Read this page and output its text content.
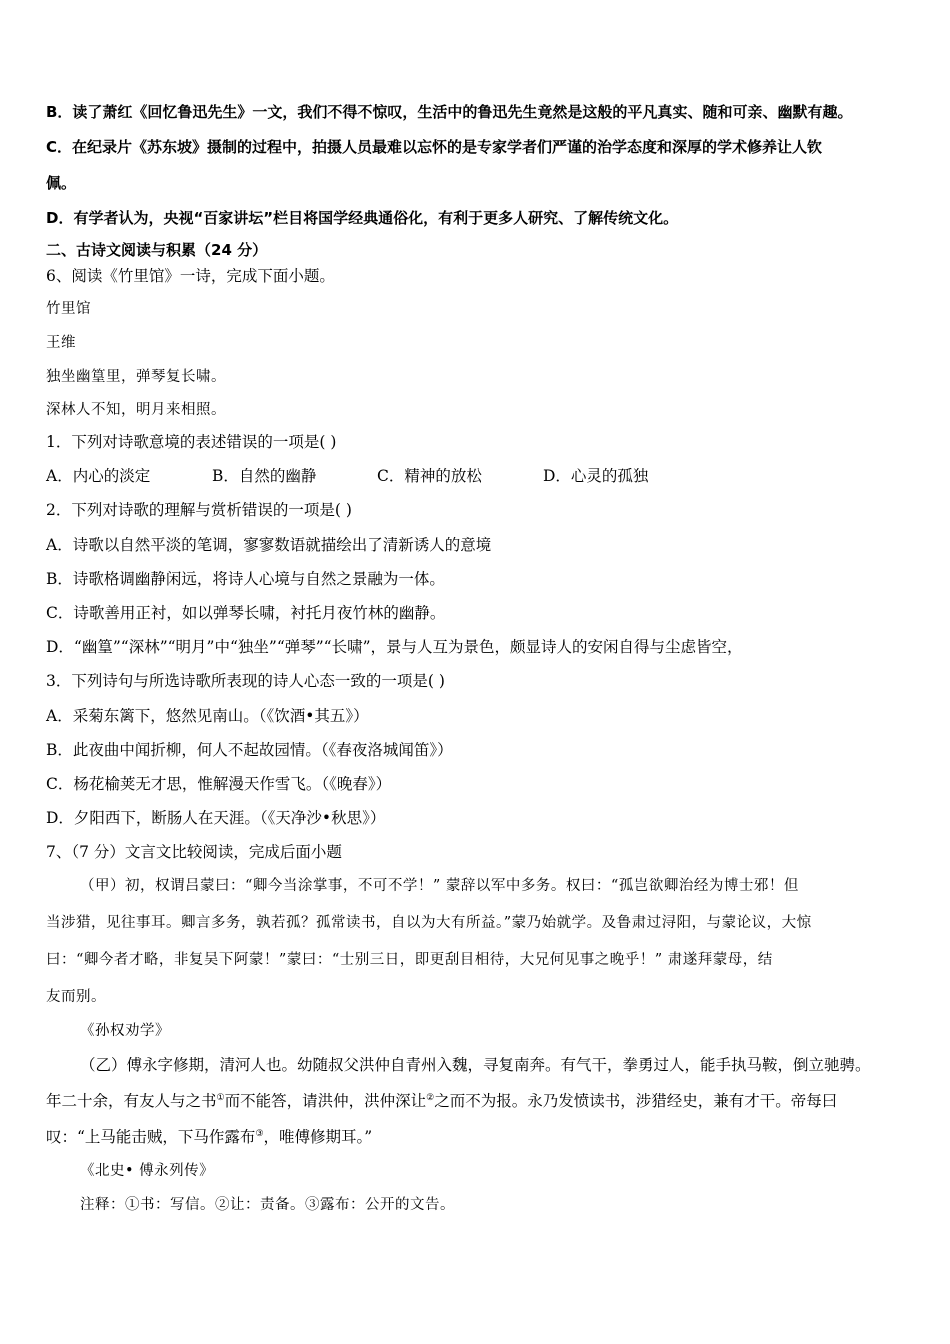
B．读了萧红《回忆鲁迅先生》一文，我们不得不惊叹，生活中的鲁迅先生竟然是这般的平凡真实、随和可亲、幽默有趣。
C．在纪录片《苏东坡》摄制的过程中，拍摄人员最难以忘怀的是专家学者们严谨的治学态度和深厚的学术修养让人钦
佩。
D．有学者认为，央视“百家讲坛”栏目将国学经典通俗化，有利于更多人研究、了解传统文化。
二、古诗文阅读与积累（24 分）
6、阅读《竹里馆》一诗，完成下面小题。
竹里馆
王维
独坐幽篁里，弹琴复长啸。
深林人不知，明月来相照。
1．下列对诗歌意境的表述错误的一项是( )
A．内心的淡定	B．自然的幽静	C．精神的放松	D．心灵的孤独
2．下列对诗歌的理解与赏析错误的一项是( )
A．诗歌以自然平淡的笔调，寥寥数语就描绘出了清新诱人的意境
B．诗歌格调幽静闲远，将诗人心境与自然之景融为一体。
C．诗歌善用正衬，如以弹琴长啸，衬托月夜竹林的幽静。
D．“幽篁”“深林”“明月”中“独坐”“弹琴”“长啸”，景与人互为景色，颇显诗人的安闲自得与尘虑皆空，
3．下列诗句与所选诗歌所表现的诗人心态一致的一项是( )
A．采菊东篱下，悠然见南山。（《饮酒•其五》）
B．此夜曲中闻折柳，何人不起故园情。（《春夜洛城闻笛》）
C．杨花榆荚无才思，惟解漫天作雪飞。（《晚春》）
D．夕阳西下，断肠人在天涯。（《天净沙•秋思》）
7、（7 分）文言文比较阅读，完成后面小题
（甲）初，权谓吕蒙曰：“卿今当涂掌事，不可不学！” 蒙辞以军中多务。权曰：“孤岂欲卿治经为博士邪！但
当涉猎，见往事耳。卿言多务，孰若孤？孤常读书，自以为大有所益。”蒙乃始就学。及鲁肃过浔阳，与蒙论议，大惊
曰：“卿今者才略，非复吴下阿蒙！”蒙曰：“士别三日，即更刮目相待，大兄何见事之晚乎！” 肃遂拜蒙母，结
友而别。
《孙权劝学》
（乙）傅永字修期，清河人也。幼随叔父洪仲自青州入魏，寻复南奔。有气干，拳勇过人，能手执马鞍，倒立驰骋。
年二十余，有友人与之书①而不能答，请洪仲，洪仲深让②之而不为报。永乃发愤读书，涉猎经史，兼有才干。帝每曰
叹：“上马能击贼，下马作露布③，唯傅修期耳。”
《北史• 傅永列传》
注释：①书：写信。②让：责备。③露布：公开的文告。
